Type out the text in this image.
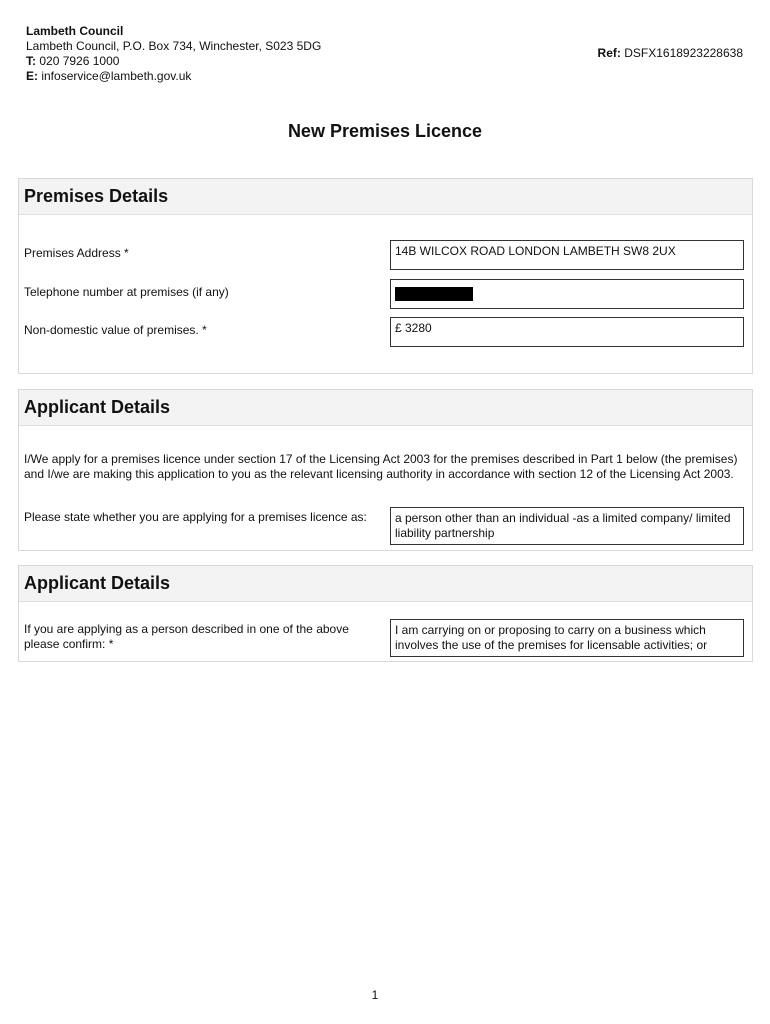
Lambeth Council
Lambeth Council, P.O. Box 734, Winchester, S023 5DG
T: 020 7926 1000
E: infoservice@lambeth.gov.uk
Ref: DSFX1618923228638
New Premises Licence
Premises Details
Premises Address *	14B WILCOX ROAD LONDON LAMBETH SW8 2UX
Telephone number at premises (if any)
Non-domestic value of premises. *	£ 3280
Applicant Details
I/We apply for a premises licence under section 17 of the Licensing Act 2003 for the premises described in Part 1 below (the premises) and I/we are making this application to you as the relevant licensing authority in accordance with section 12 of the Licensing Act 2003.
Please state whether you are applying for a premises licence as:	a person other than an individual -as a limited company/ limited liability partnership
Applicant Details
If you are applying as a person described in one of the above please confirm: *
I am carrying on or proposing to carry on a business which involves the use of the premises for licensable activities; or
1
